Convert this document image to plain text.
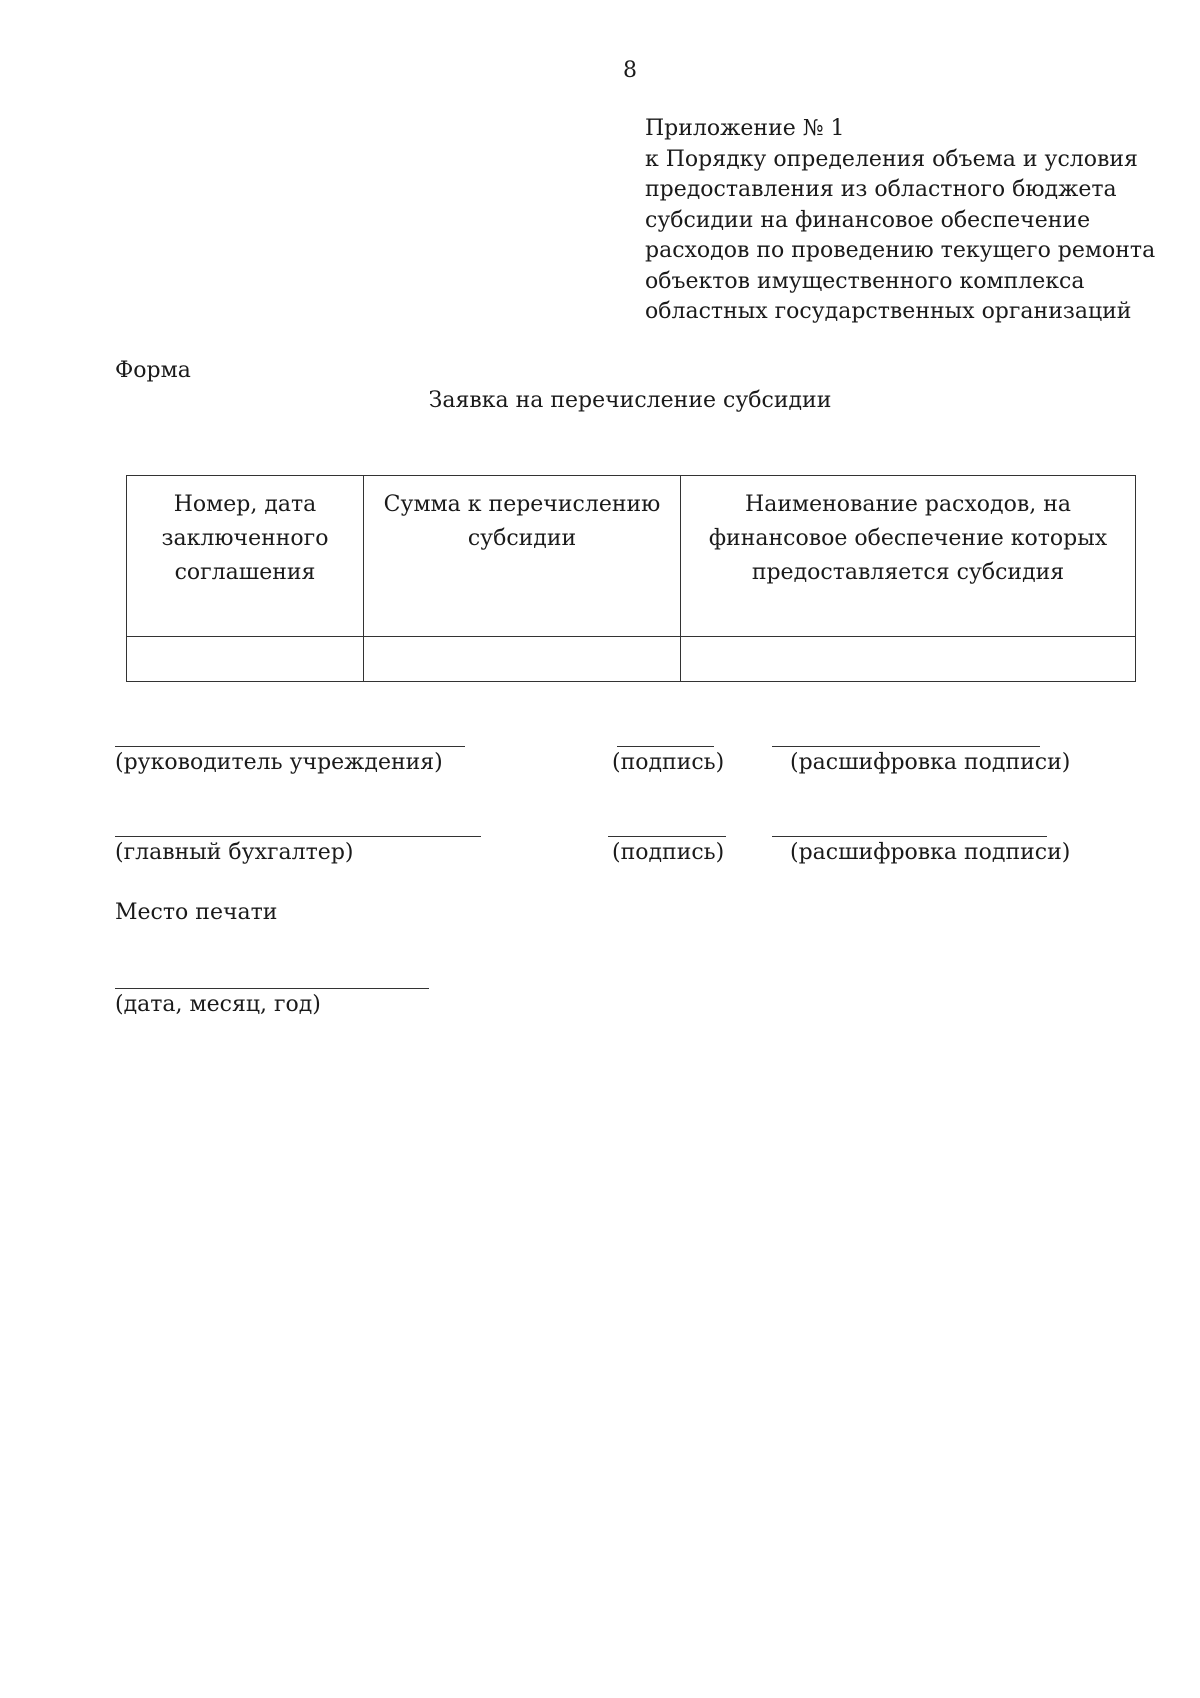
8
Приложение № 1
к Порядку определения объема и условия
предоставления из областного бюджета
субсидии на финансовое обеспечение
расходов по проведению текущего ремонта
объектов имущественного комплекса
областных государственных организаций
Форма
Заявка на перечисление субсидии
Номер, дата заключенного соглашения	Сумма к перечислению субсидии	Наименование расходов, на финансовое обеспечение которых предоставляется субсидия

(руководитель учреждения)	(подпись)	(расшифровка подписи)
(главный бухгалтер)	(подпись)	(расшифровка подписи)
Место печати
(дата, месяц, год)
